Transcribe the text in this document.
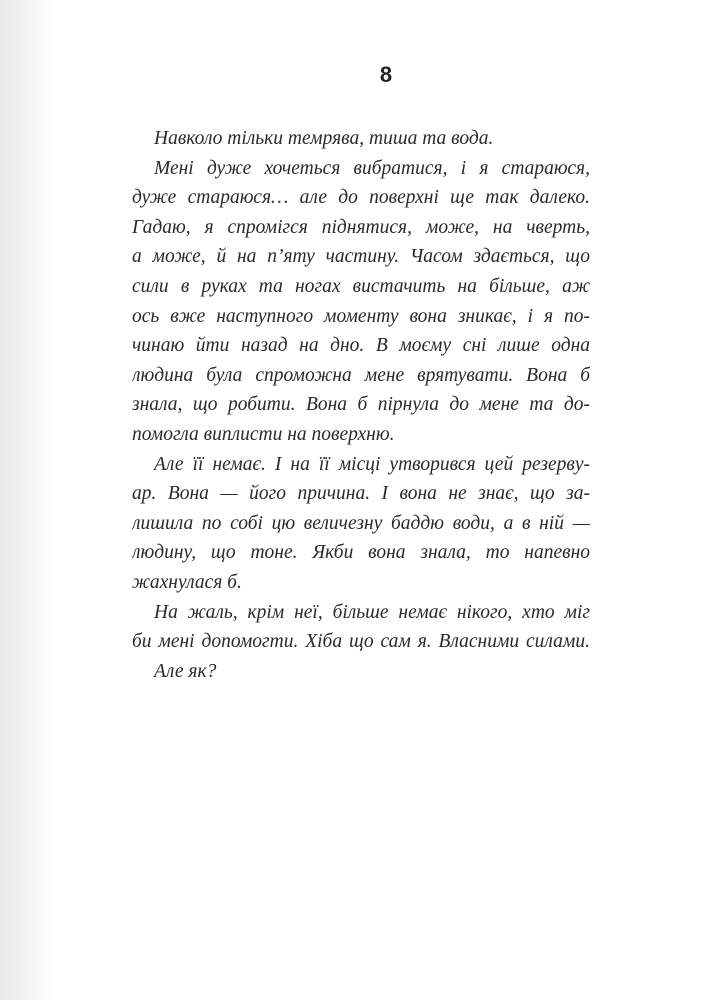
8
Навколо тільки темрява, тиша та вода.
Мені дуже хочеться вибратися, і я стараюся,
дуже стараюся… але до поверхні ще так далеко.
Гадаю, я спромігся піднятися, може, на чверть,
а може, й на п’яту частину. Часом здається, що
сили в руках та ногах вистачить на більше, аж
ось вже наступного моменту вона зникає, і я по-
чинаю йти назад на дно. В моєму сні лише одна
людина була спроможна мене врятувати. Вона б
знала, що робити. Вона б пірнула до мене та до-
помогла виплисти на поверхню.
Але її немає. І на її місці утворився цей резерву-
ар. Вона — його причина. І вона не знає, що за-
лишила по собі цю величезну баддю води, а в ній —
людину, що тоне. Якби вона знала, то напевно
жахнулася б.
На жаль, крім неї, більше немає нікого, хто міг
би мені допомогти. Хіба що сам я. Власними силами.
Але як?
